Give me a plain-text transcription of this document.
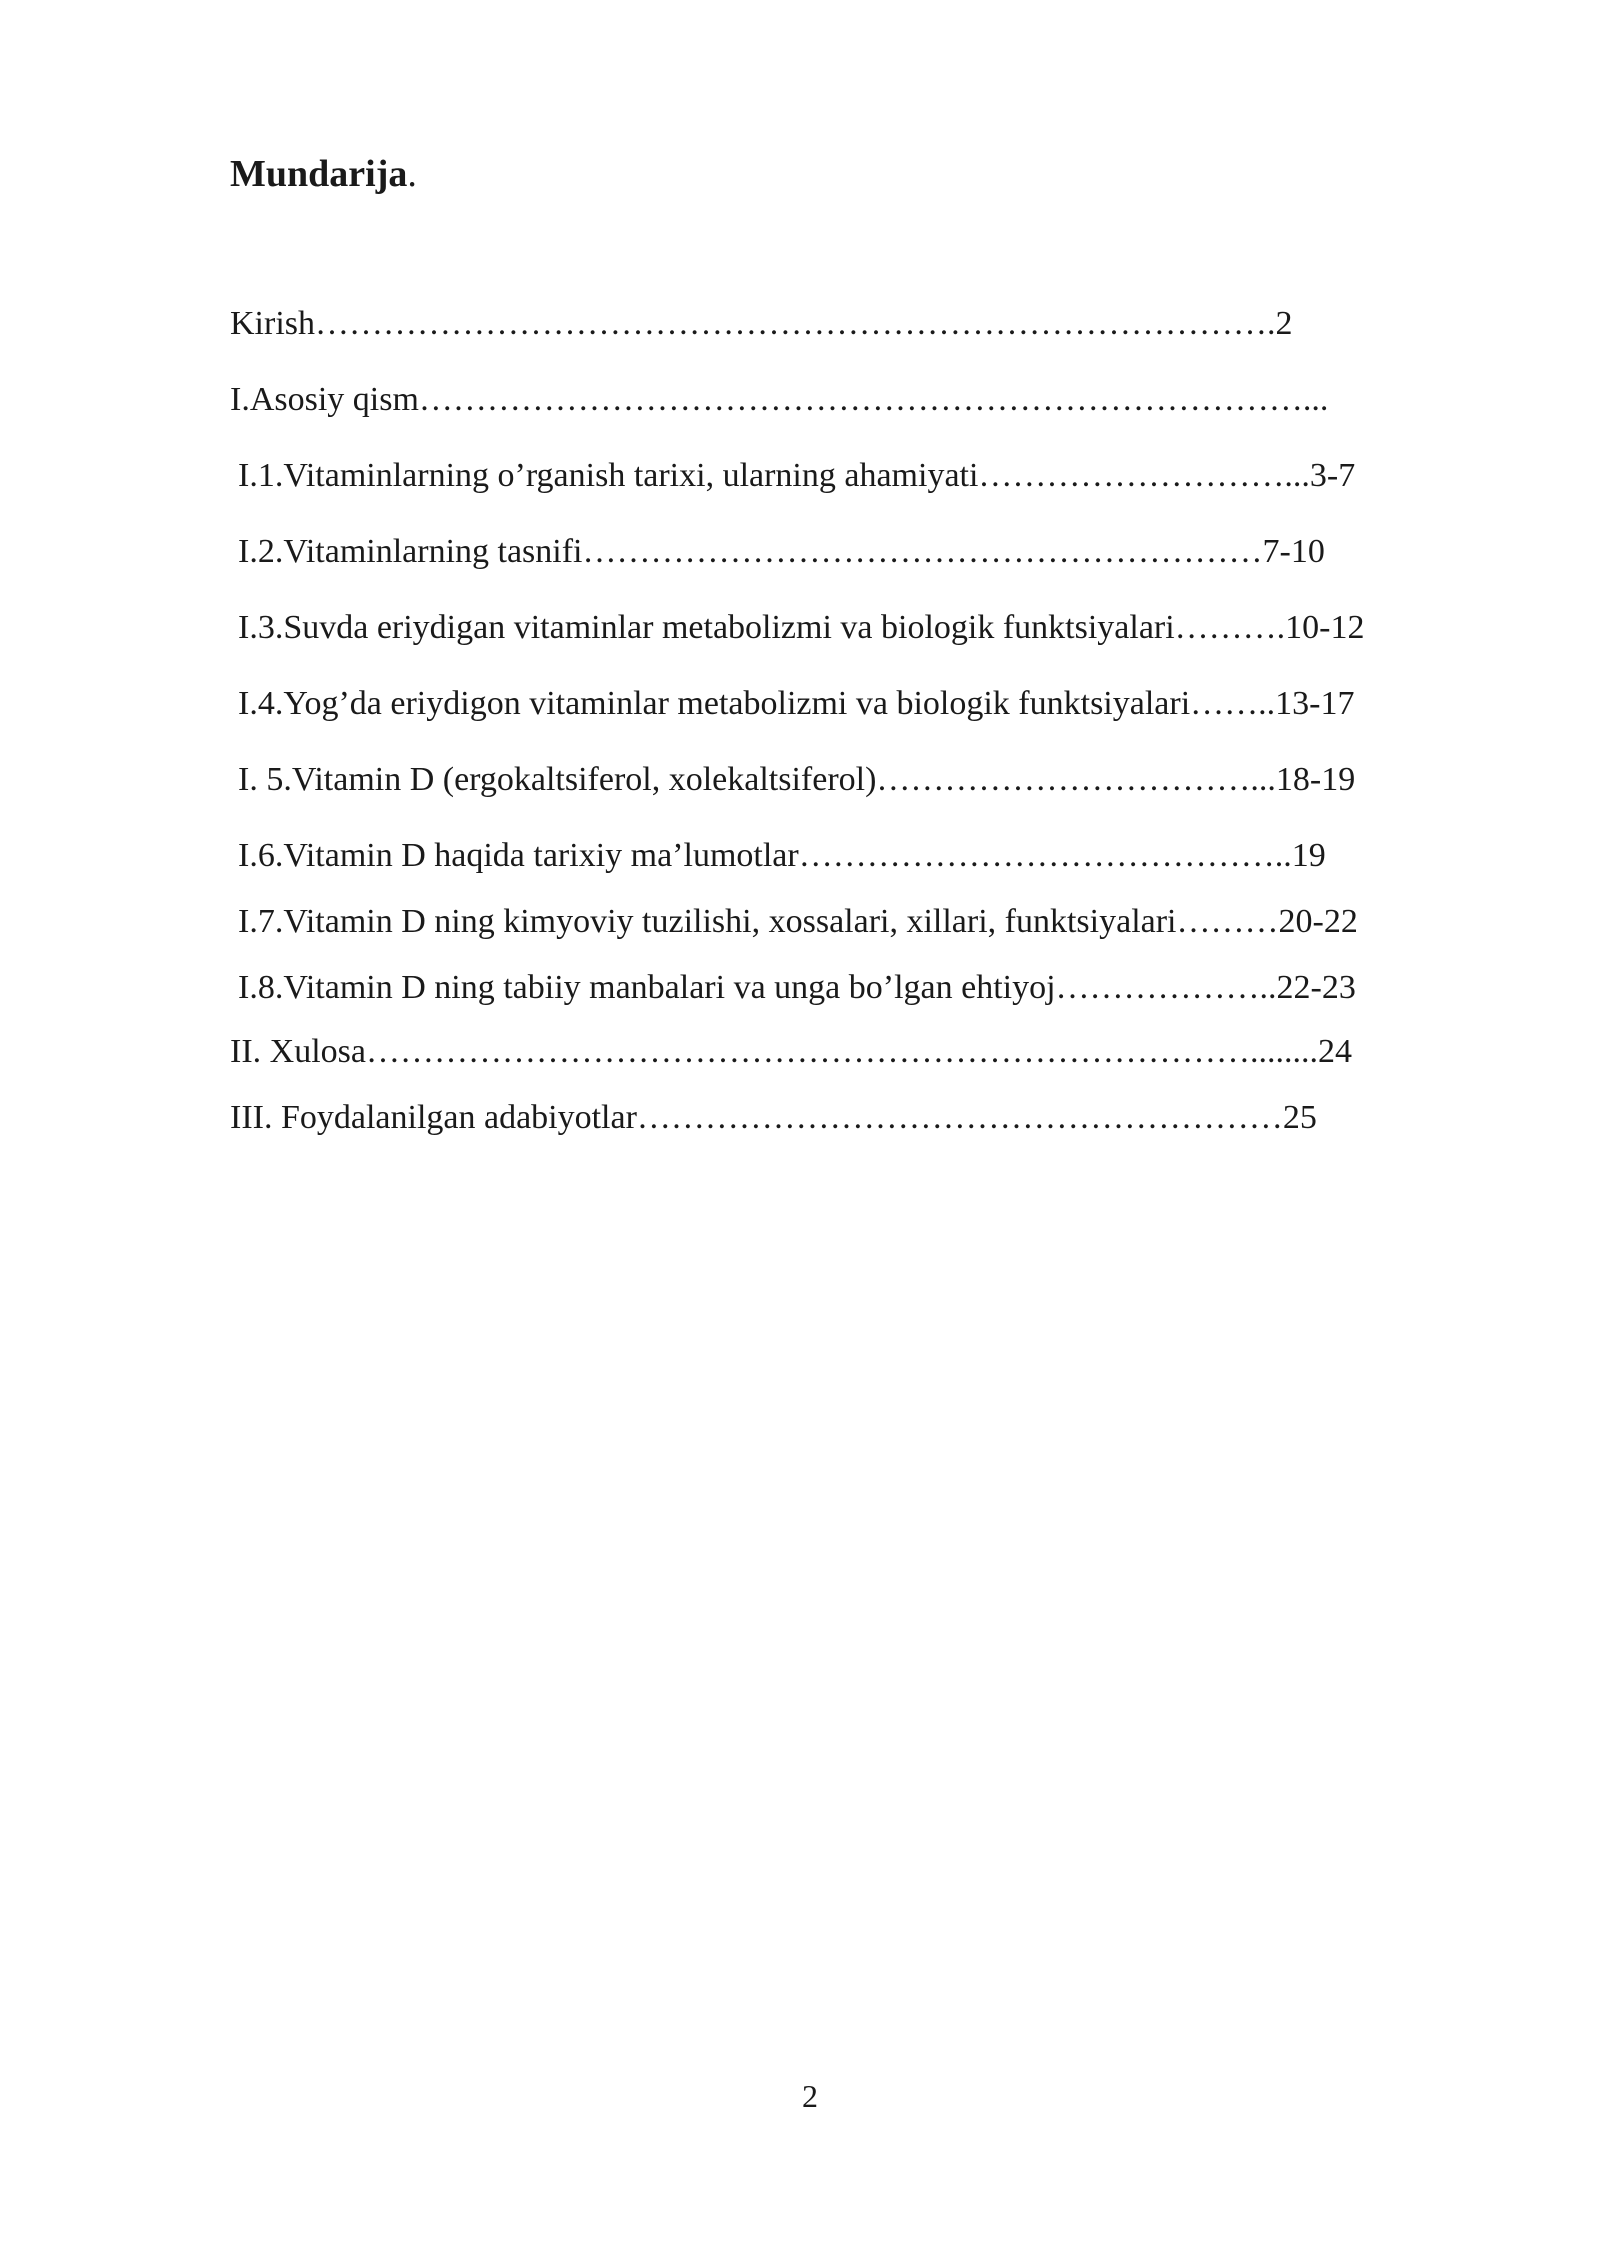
Mundarija.
Kirish………………………………………………………………………….2
I.Asosiy qism……………………………………………………………………...
I.1.Vitaminlarning o’rganish tarixi, ularning ahamiyati………………………...3-7
I.2.Vitaminlarning tasnifi……………………………………………………7-10
I.3.Suvda eriydigan vitaminlar metabolizmi va biologik funktsiyalari……….10-12
I.4.Yog’da eriydigon vitaminlar metabolizmi va biologik funktsiyalari……..13-17
I. 5.Vitamin D (ergokaltsiferol, xolekaltsiferol)……………………………...18-19
I.6.Vitamin D haqida tarixiy ma’lumotlar……………………………………..19
I.7.Vitamin D ning kimyoviy tuzilishi, xossalari, xillari, funktsiyalari………20-22
I.8.Vitamin D ning tabiiy manbalari va unga bo’lgan ehtiyoj………………..22-23
II. Xulosa……………………………………………………………………........24
III. Foydalanilgan adabiyotlar…………………………………………………25
2
